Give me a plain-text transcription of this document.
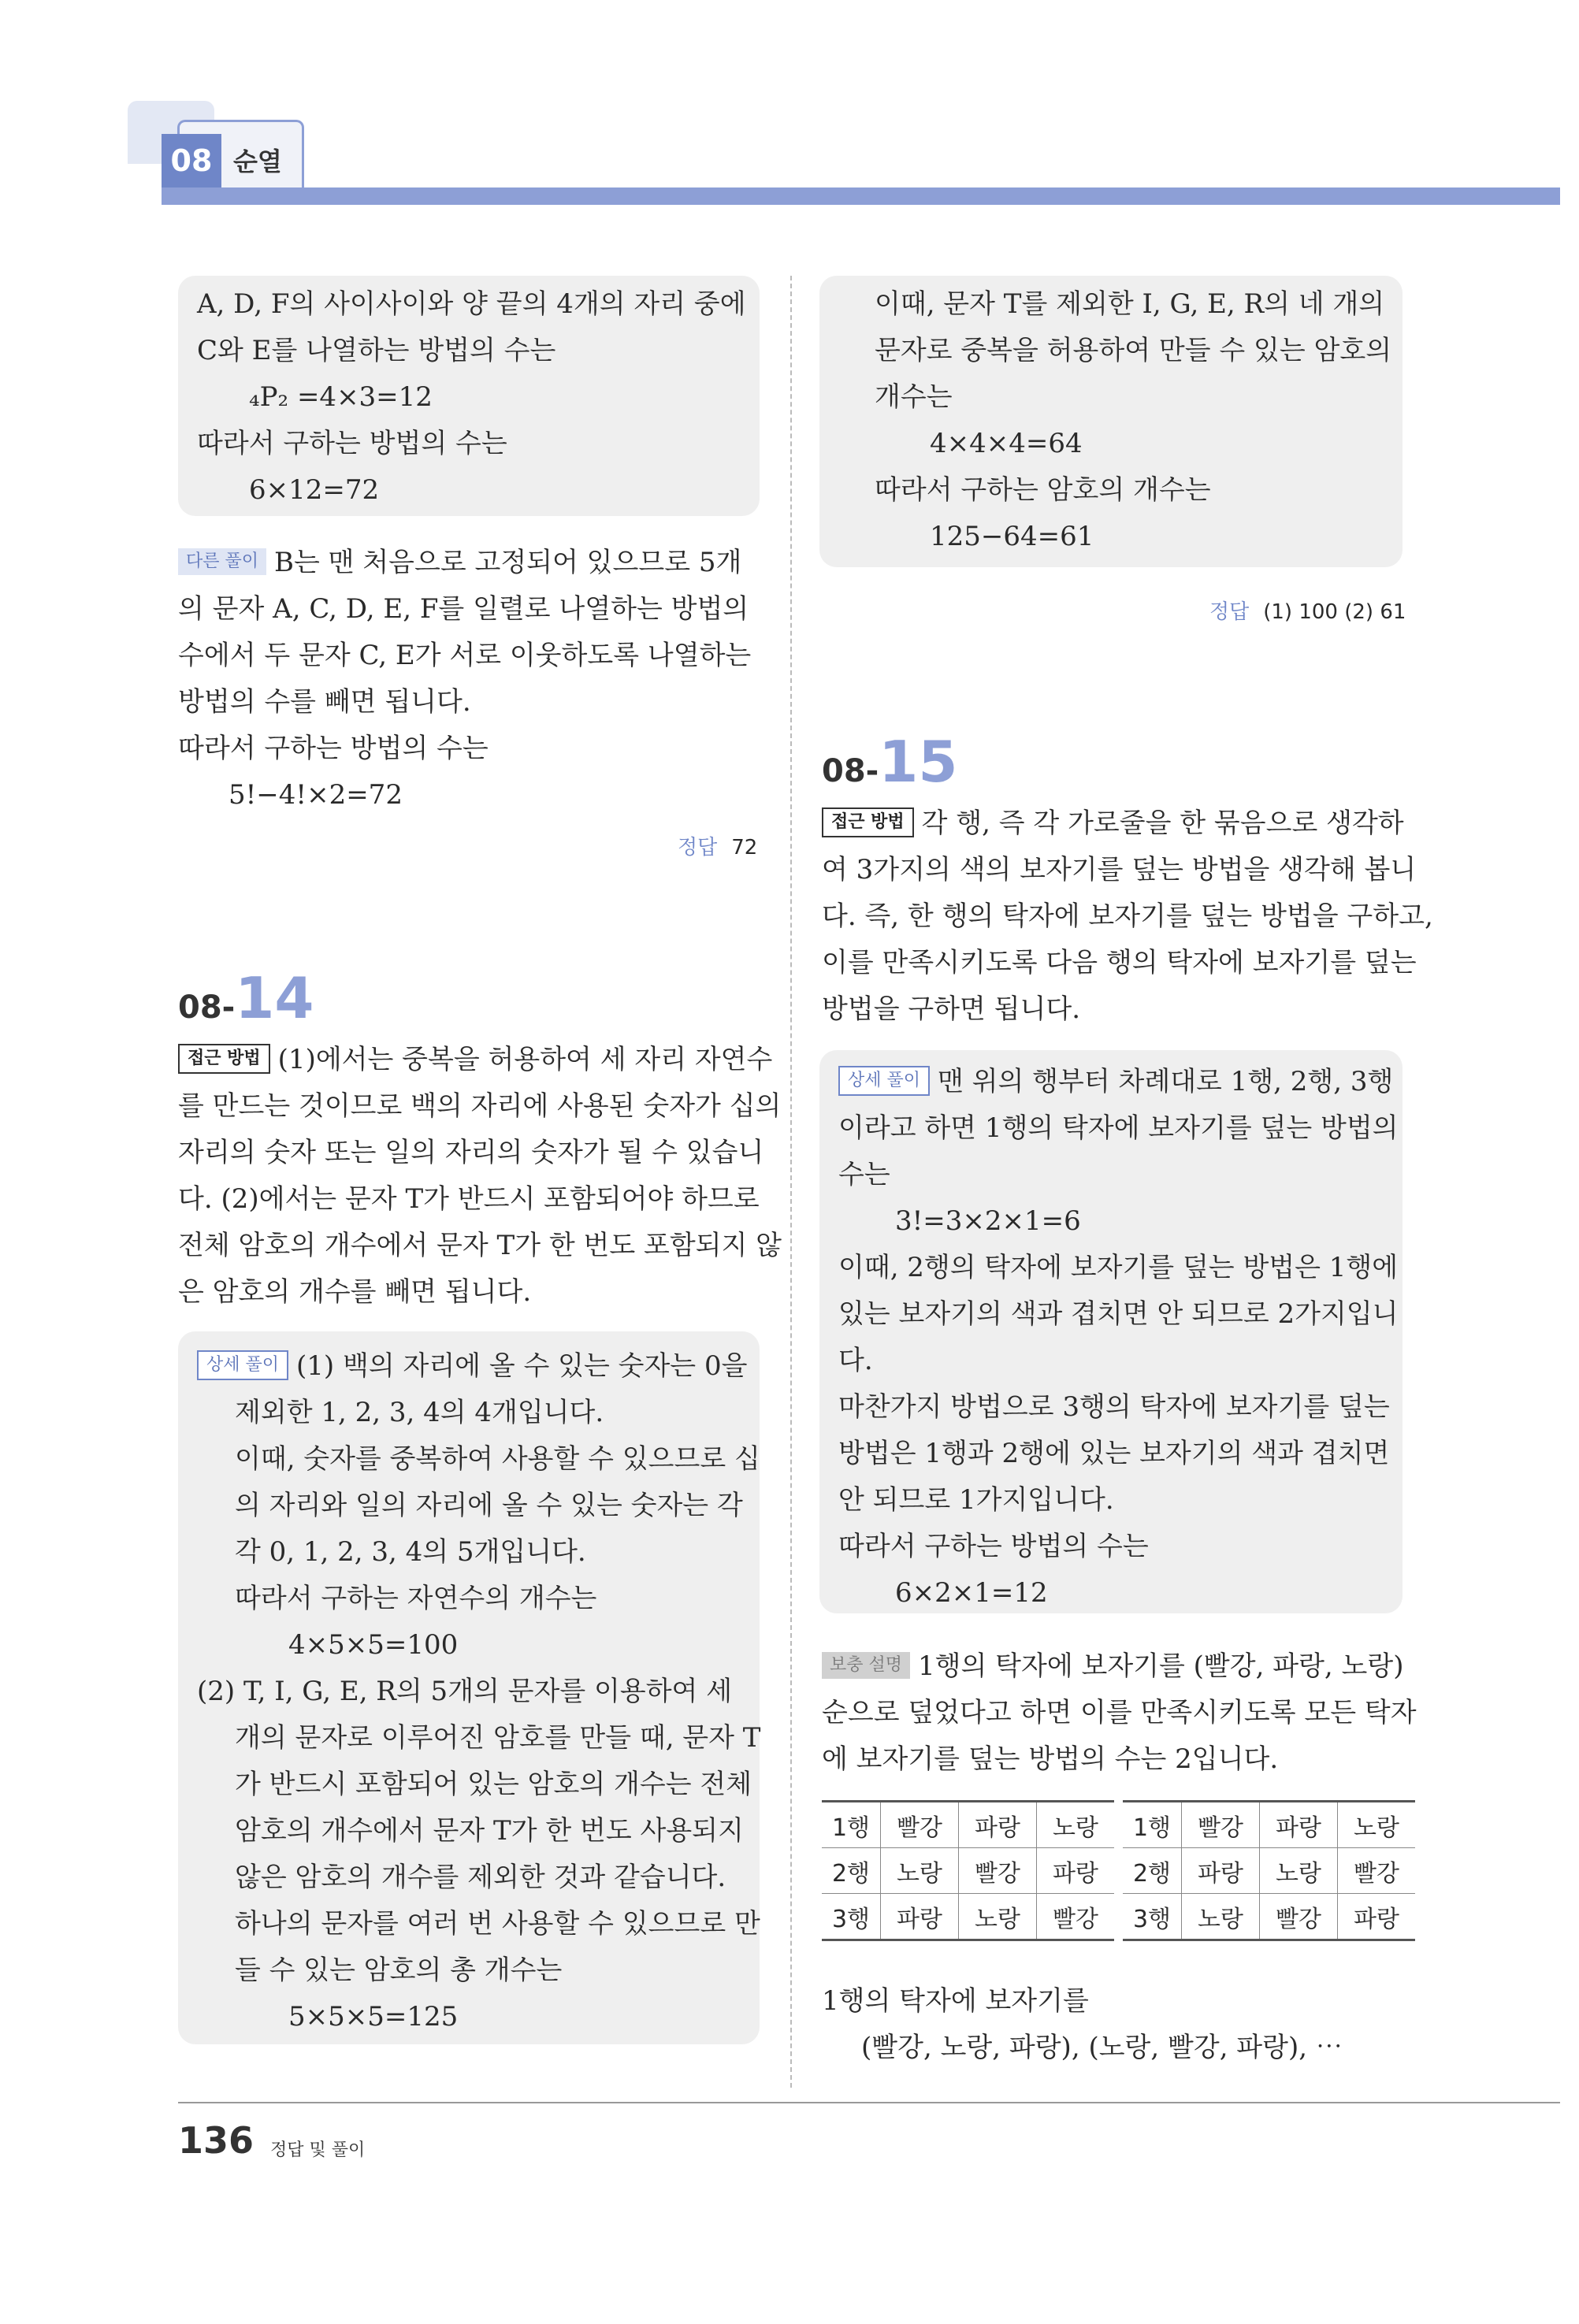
08 순열
A, D, F의 사이사이와 양 끝의 4개의 자리 중에
C와 E를 나열하는 방법의 수는
₄P₂ =4×3=12
따라서 구하는 방법의 수는
6×12=72
다른 풀이 B는 맨 처음으로 고정되어 있으므로 5개
의 문자 A, C, D, E, F를 일렬로 나열하는 방법의
수에서 두 문자 C, E가 서로 이웃하도록 나열하는
방법의 수를 빼면 됩니다.
따라서 구하는 방법의 수는
5!−4!×2=72
정답 72
08-14
접근 방법 (1)에서는 중복을 허용하여 세 자리 자연수
를 만드는 것이므로 백의 자리에 사용된 숫자가 십의
자리의 숫자 또는 일의 자리의 숫자가 될 수 있습니
다. (2)에서는 문자 T가 반드시 포함되어야 하므로
전체 암호의 개수에서 문자 T가 한 번도 포함되지 않
은 암호의 개수를 빼면 됩니다.
상세 풀이 (1) 백의 자리에 올 수 있는 숫자는 0을
제외한 1, 2, 3, 4의 4개입니다.
이때, 숫자를 중복하여 사용할 수 있으므로 십
의 자리와 일의 자리에 올 수 있는 숫자는 각
각 0, 1, 2, 3, 4의 5개입니다.
따라서 구하는 자연수의 개수는
4×5×5=100
(2) T, I, G, E, R의 5개의 문자를 이용하여 세
개의 문자로 이루어진 암호를 만들 때, 문자 T
가 반드시 포함되어 있는 암호의 개수는 전체
암호의 개수에서 문자 T가 한 번도 사용되지
않은 암호의 개수를 제외한 것과 같습니다.
하나의 문자를 여러 번 사용할 수 있으므로 만
들 수 있는 암호의 총 개수는
5×5×5=125
이때, 문자 T를 제외한 I, G, E, R의 네 개의
문자로 중복을 허용하여 만들 수 있는 암호의
개수는
4×4×4=64
따라서 구하는 암호의 개수는
125−64=61
정답 (1) 100 (2) 61
08-15
접근 방법 각 행, 즉 각 가로줄을 한 묶음으로 생각하
여 3가지의 색의 보자기를 덮는 방법을 생각해 봅니
다. 즉, 한 행의 탁자에 보자기를 덮는 방법을 구하고,
이를 만족시키도록 다음 행의 탁자에 보자기를 덮는
방법을 구하면 됩니다.
상세 풀이 맨 위의 행부터 차례대로 1행, 2행, 3행
이라고 하면 1행의 탁자에 보자기를 덮는 방법의
수는
3!=3×2×1=6
이때, 2행의 탁자에 보자기를 덮는 방법은 1행에
있는 보자기의 색과 겹치면 안 되므로 2가지입니
다.
마찬가지 방법으로 3행의 탁자에 보자기를 덮는
방법은 1행과 2행에 있는 보자기의 색과 겹치면
안 되므로 1가지입니다.
따라서 구하는 방법의 수는
6×2×1=12
보충 설명 1행의 탁자에 보자기를 (빨강, 파랑, 노랑)
순으로 덮었다고 하면 이를 만족시키도록 모든 탁자
에 보자기를 덮는 방법의 수는 2입니다.
1행	빨강	파랑	노랑
2행	노랑	빨강	파랑
3행	파랑	노랑	빨강
1행	빨강	파랑	노랑
2행	파랑	노랑	빨강
3행	노랑	빨강	파랑
1행의 탁자에 보자기를
(빨강, 노랑, 파랑), (노랑, 빨강, 파랑), ⋯
136 정답 및 풀이
